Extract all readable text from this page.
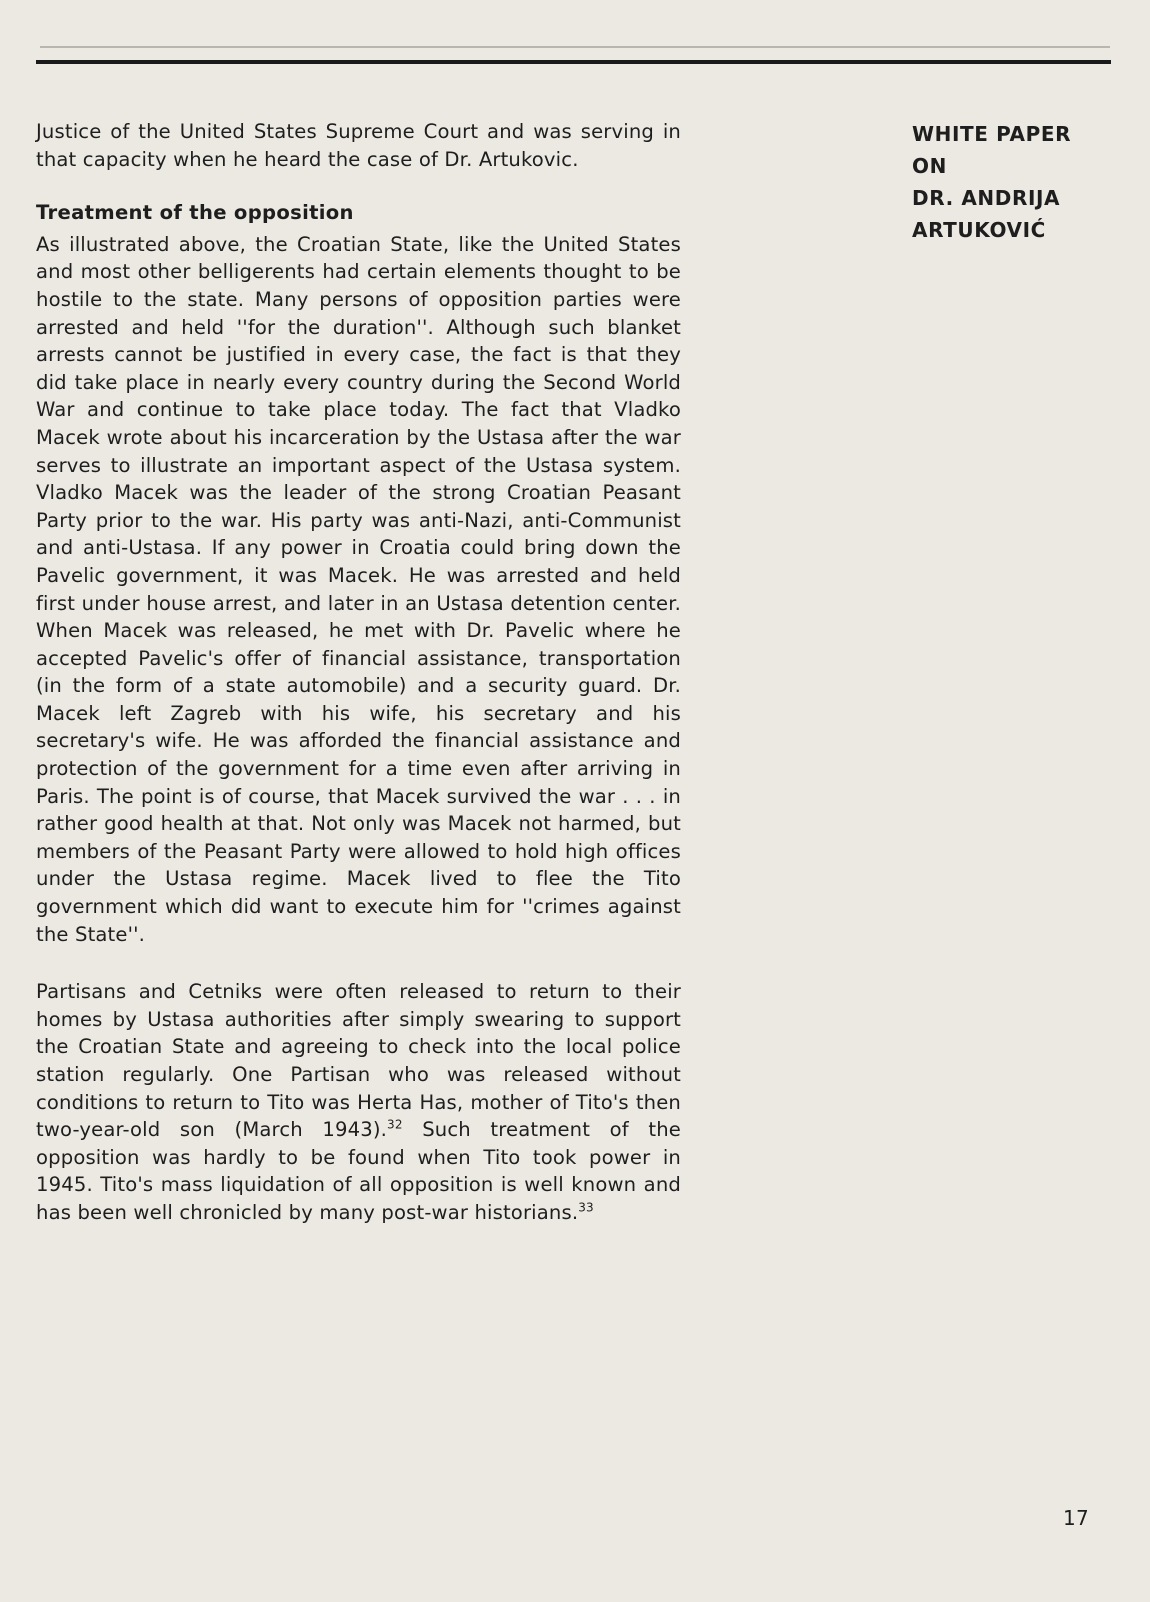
Justice of the United States Supreme Court and was serving in that capacity when he heard the case of Dr. Artukovic.

Treatment of the opposition

As illustrated above, the Croatian State, like the United States and most other belligerents had certain elements thought to be hostile to the state. Many persons of opposition parties were arrested and held ''for the duration''. Although such blanket arrests cannot be justified in every case, the fact is that they did take place in nearly every country during the Second World War and continue to take place today. The fact that Vladko Macek wrote about his incarceration by the Ustasa after the war serves to illustrate an important aspect of the Ustasa system. Vladko Macek was the leader of the strong Croatian Peasant Party prior to the war. His party was anti-Nazi, anti-Communist and anti-Ustasa. If any power in Croatia could bring down the Pavelic government, it was Macek. He was arrested and held first under house arrest, and later in an Ustasa detention center. When Macek was released, he met with Dr. Pavelic where he accepted Pavelic's offer of financial assistance, transportation (in the form of a state automobile) and a security guard. Dr. Macek left Zagreb with his wife, his secretary and his secretary's wife. He was afforded the financial assistance and protection of the government for a time even after arriving in Paris. The point is of course, that Macek survived the war . . . in rather good health at that. Not only was Macek not harmed, but members of the Peasant Party were allowed to hold high offices under the Ustasa regime. Macek lived to flee the Tito government which did want to execute him for ''crimes against the State''.

Partisans and Cetniks were often released to return to their homes by Ustasa authorities after simply swearing to support the Croatian State and agreeing to check into the local police station regularly. One Partisan who was released without conditions to return to Tito was Herta Has, mother of Tito's then two-year-old son (March 1943).$^{32}$ Such treatment of the opposition was hardly to be found when Tito took power in 1945. Tito's mass liquidation of all opposition is well known and has been well chronicled by many post-war historians.$^{33}$

WHITE PAPER
ON
DR. ANDRIJA
ARTUKOVIĆ
17
